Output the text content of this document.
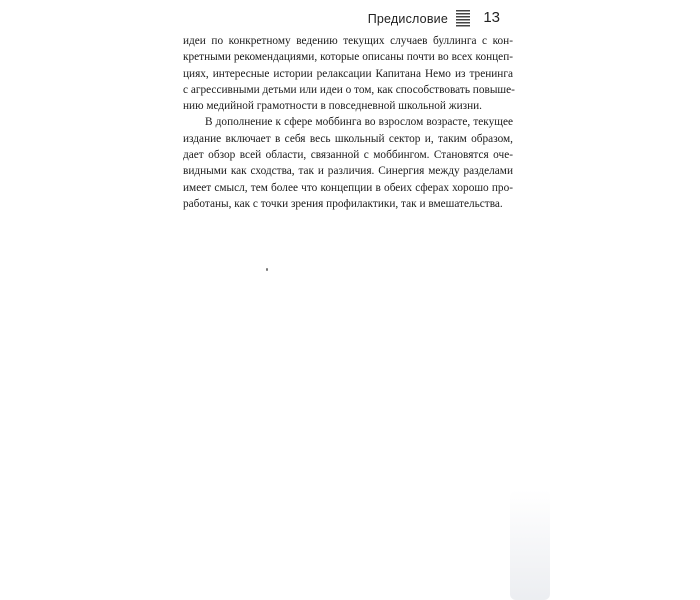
Предисловие 13
идеи по конкретному ведению текущих случаев буллинга с кон-
кретными рекомендациями, которые описаны почти во всех концеп-
циях, интересные истории релаксации Капитана Немо из тренинга
с агрессивными детьми или идеи о том, как способствовать повыше-
нию медийной грамотности в повседневной школьной жизни.
В дополнение к сфере моббинга во взрослом возрасте, текущее
издание включает в себя весь школьный сектор и, таким образом,
дает обзор всей области, связанной с моббингом. Становятся оче-
видными как сходства, так и различия. Синергия между разделами
имеет смысл, тем более что концепции в обеих сферах хорошо про-
работаны, как с точки зрения профилактики, так и вмешательства.
